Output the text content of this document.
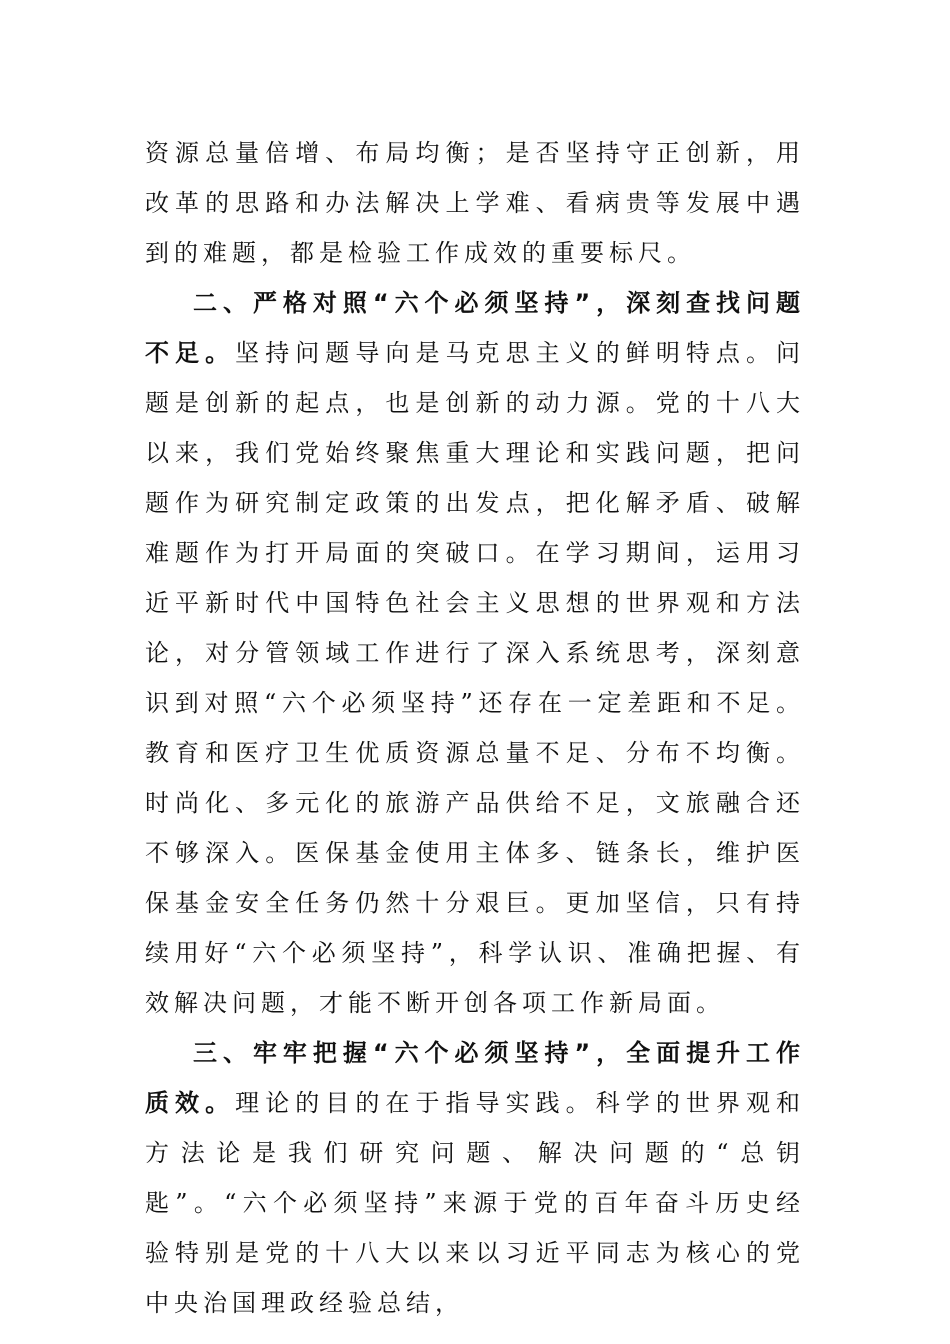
资源总量倍增、布局均衡；是否坚持守正创新，用改革的思路和办法解决上学难、看病贵等发展中遇到的难题，都是检验工作成效的重要标尺。

二、严格对照“六个必须坚持”，深刻查找问题不足。坚持问题导向是马克思主义的鲜明特点。问题是创新的起点，也是创新的动力源。党的十八大以来，我们党始终聚焦重大理论和实践问题，把问题作为研究制定政策的出发点，把化解矛盾、破解难题作为打开局面的突破口。在学习期间，运用习近平新时代中国特色社会主义思想的世界观和方法论，对分管领域工作进行了深入系统思考，深刻意识到对照“六个必须坚持”还存在一定差距和不足。教育和医疗卫生优质资源总量不足、分布不均衡。时尚化、多元化的旅游产品供给不足，文旅融合还不够深入。医保基金使用主体多、链条长，维护医保基金安全任务仍然十分艰巨。更加坚信，只有持续用好“六个必须坚持”，科学认识、准确把握、有效解决问题，才能不断开创各项工作新局面。

三、牢牢把握“六个必须坚持”，全面提升工作质效。理论的目的在于指导实践。科学的世界观和方法论是我们研究问题、解决问题的“总钥匙”。“六个必须坚持”来源于党的百年奋斗历史经验特别是党的十八大以来以习近平同志为核心的党中央治国理政经验总结，
